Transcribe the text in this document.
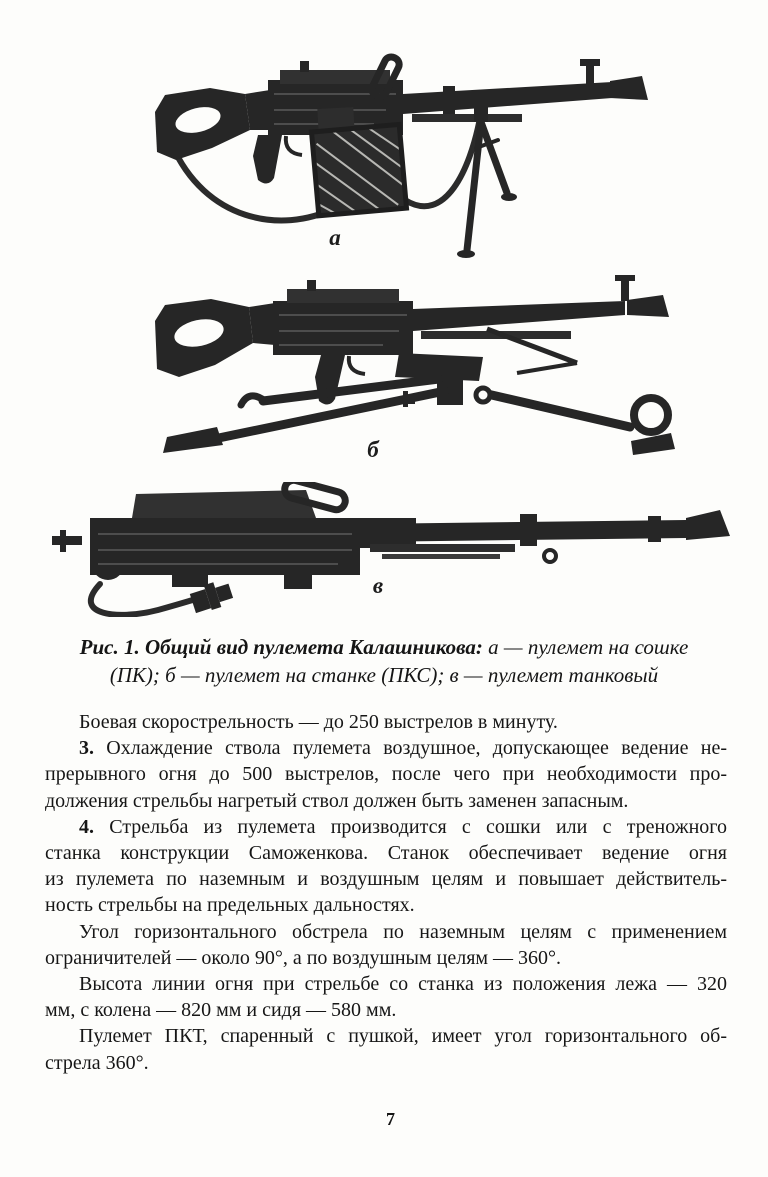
а
б
в
Рис. 1. Общий вид пулемета Калашникова: а — пулемет на сошке
(ПК); б — пулемет на станке (ПКС); в — пулемет танковый
Боевая скорострельность — до 250 выстрелов в минуту.
3. Охлаждение ствола пулемета воздушное, допускающее ведение не-
прерывного огня до 500 выстрелов, после чего при необходимости про-
должения стрельбы нагретый ствол должен быть заменен запасным.
4. Стрельба из пулемета производится с сошки или с треножного
станка конструкции Саможенкова. Станок обеспечивает ведение огня
из пулемета по наземным и воздушным целям и повышает действитель-
ность стрельбы на предельных дальностях.
Угол горизонтального обстрела по наземным целям с применением
ограничителей — около 90°, а по воздушным целям — 360°.
Высота линии огня при стрельбе со станка из положения лежа — 320
мм, с колена — 820 мм и сидя — 580 мм.
Пулемет ПКТ, спаренный с пушкой, имеет угол горизонтального об-
стрела 360°.
7
